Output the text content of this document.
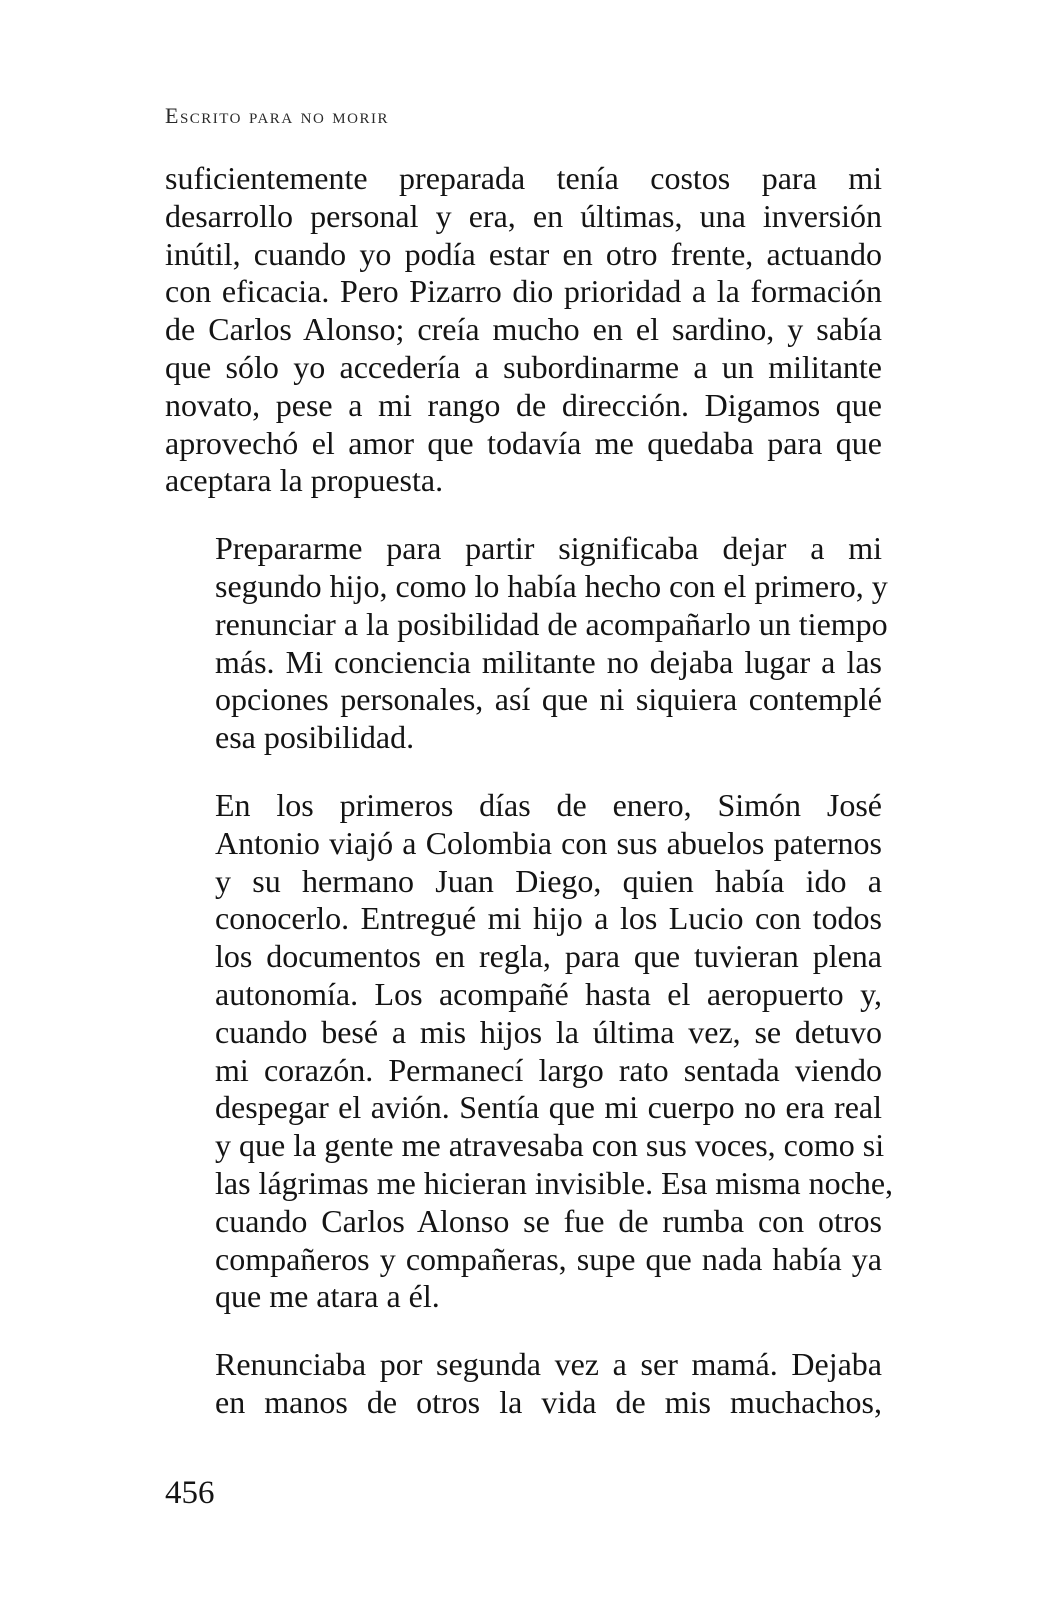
Escrito para no morir
suficientemente preparada tenía costos para mi
desarrollo personal y era, en últimas, una inversión
inútil, cuando yo podía estar en otro frente, actuando
con eficacia. Pero Pizarro dio prioridad a la formación
de Carlos Alonso; creía mucho en el sardino, y sabía
que sólo yo accedería a subordinarme a un militante
novato, pese a mi rango de dirección. Digamos que
aprovechó el amor que todavía me quedaba para que
aceptara la propuesta.
Prepararme para partir significaba dejar a mi
segundo hijo, como lo había hecho con el primero, y
renunciar a la posibilidad de acompañarlo un tiempo
más. Mi conciencia militante no dejaba lugar a las
opciones personales, así que ni siquiera contemplé
esa posibilidad.
En los primeros días de enero, Simón José
Antonio viajó a Colombia con sus abuelos paternos
y su hermano Juan Diego, quien había ido a
conocerlo. Entregué mi hijo a los Lucio con todos
los documentos en regla, para que tuvieran plena
autonomía. Los acompañé hasta el aeropuerto y,
cuando besé a mis hijos la última vez, se detuvo
mi corazón. Permanecí largo rato sentada viendo
despegar el avión. Sentía que mi cuerpo no era real
y que la gente me atravesaba con sus voces, como si
las lágrimas me hicieran invisible. Esa misma noche,
cuando Carlos Alonso se fue de rumba con otros
compañeros y compañeras, supe que nada había ya
que me atara a él.
Renunciaba por segunda vez a ser mamá. Dejaba
en manos de otros la vida de mis muchachos,
456
